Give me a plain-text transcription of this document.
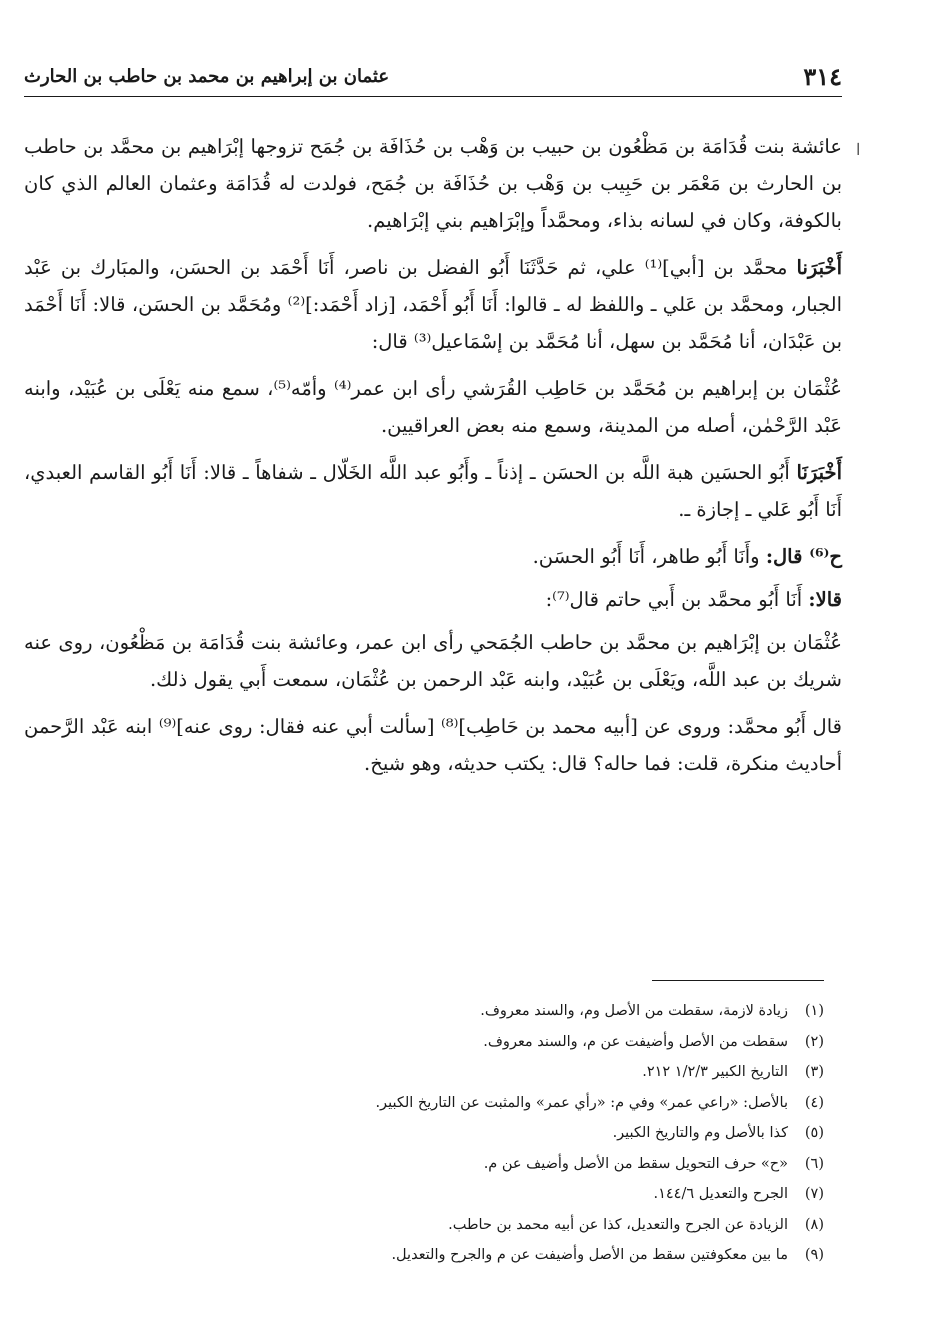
٣١٤
عثمان بن إبراهيم بن محمد بن حاطب بن الحارث
ا

عائشة بنت قُدَامَة بن مَظْعُون بن حبيب بن وَهْب بن حُذَافَة بن جُمَح تزوجها إبْرَاهيم بن محمَّد بن حاطب بن الحارث بن مَعْمَر بن حَبِيب بن وَهْب بن حُذَافَة بن جُمَح، فولدت له قُدَامَة وعثمان العالم الذي كان بالكوفة، وكان في لسانه بذاء، ومحمَّداً وإبْرَاهيم بني إبْرَاهيم.

أَخْبَرَنا محمَّد بن [أبي]⁽¹⁾ علي، ثم حَدَّثَنَا أَبُو الفضل بن ناصر، أَنَا أَحْمَد بن الحسَن، والمبَارك بن عَبْد الجبار، ومحمَّد بن عَلي ـ واللفظ له ـ قالوا: أَنَا أَبُو أَحْمَد، [زاد أَحْمَد:]⁽²⁾ ومُحَمَّد بن الحسَن، قالا: أَنَا أَحْمَد بن عَبْدَان، أنا مُحَمَّد بن سهل، أنا مُحَمَّد بن إسْمَاعيل⁽³⁾ قال:

عُثْمَان بن إبراهيم بن مُحَمَّد بن حَاطِب القُرَشي رأى ابن عمر⁽⁴⁾ وأمّه⁽⁵⁾، سمع منه يَعْلَى بن عُبَيْد، وابنه عَبْد الرَّحْمٰن، أصله من المدينة، وسمع منه بعض العراقيين.

أَخْبَرَنَا أَبُو الحسَين هبة اللَّه بن الحسَن ـ إذناً ـ وأَبُو عبد اللَّه الخَلّال ـ شفاهاً ـ قالا: أَنَا أَبُو القاسم العبدي، أَنَا أَبُو عَلي ـ إجازة ـ.

ح⁽⁶⁾ قال: وأَنَا أَبُو طاهر، أَنَا أَبُو الحسَن.

قالا: أَنَا أَبُو محمَّد بن أَبي حاتم قال⁽⁷⁾:

عُثْمَان بن إبْرَاهيم بن محمَّد بن حاطب الجُمَحي رأى ابن عمر، وعائشة بنت قُدَامَة بن مَظْعُون، روى عنه شريك بن عبد اللَّه، ويَعْلَى بن عُبَيْد، وابنه عَبْد الرحمن بن عُثْمَان، سمعت أَبي يقول ذلك.

قال أَبُو محمَّد: وروى عن [أبيه محمد بن حَاطِب]⁽⁸⁾ [سألت أبي عنه فقال: روى عنه]⁽⁹⁾ ابنه عَبْد الرَّحمن أحاديث منكرة، قلت: فما حاله؟ قال: يكتب حديثه، وهو شيخ.

(١)
زيادة لازمة، سقطت من الأصل وم، والسند معروف.
(٢)
سقطت من الأصل وأضيفت عن م، والسند معروف.
(٣)
التاريخ الكبير ١/٢/٣ ٢١٢.
(٤)
بالأصل: «راعي عمر» وفي م: «رأي عمر» والمثبت عن التاريخ الكبير.
(٥)
كذا بالأصل وم والتاريخ الكبير.
(٦)
«ح» حرف التحويل سقط من الأصل وأضيف عن م.
(٧)
الجرح والتعديل ١٤٤/٦.
(٨)
الزيادة عن الجرح والتعديل، كذا عن أبيه محمد بن حاطب.
(٩)
ما بين معكوفتين سقط من الأصل وأضيفت عن م والجرح والتعديل.
